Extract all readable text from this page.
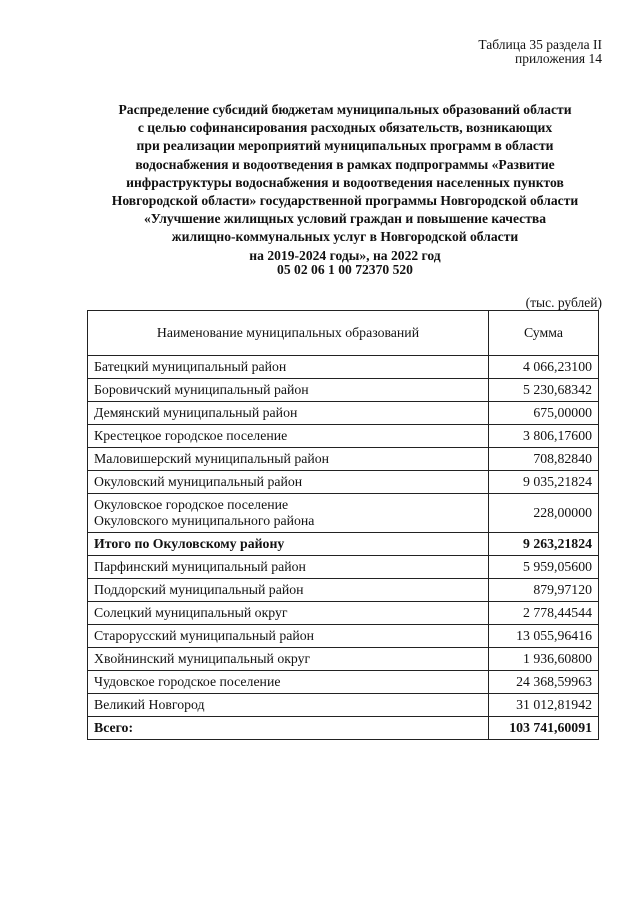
Таблица 35 раздела II
приложения 14
Распределение субсидий бюджетам муниципальных образований области
с целью софинансирования расходных обязательств, возникающих
при реализации мероприятий муниципальных программ в области
водоснабжения и водоотведения в рамках подпрограммы «Развитие
инфраструктуры водоснабжения и водоотведения населенных пунктов
Новгородской области» государственной программы Новгородской области
«Улучшение жилищных условий граждан и повышение качества
жилищно-коммунальных услуг в Новгородской области
на 2019-2024 годы», на 2022 год
05 02 06 1 00 72370 520
(тыс. рублей)
Наименование муниципальных образований	Сумма
Батецкий муниципальный район	4 066,23100
Боровичский муниципальный район	5 230,68342
Демянский муниципальный район	675,00000
Крестецкое городское поселение	3 806,17600
Маловишерский муниципальный район	708,82840
Окуловский муниципальный район	9 035,21824

Окуловское городское поселение
Окуловского муниципального района	228,00000
Итого по Окуловскому району	9 263,21824
Парфинский муниципальный район	5 959,05600
Поддорский муниципальный район	879,97120
Солецкий муниципальный округ	2 778,44544
Старорусский муниципальный район	13 055,96416
Хвойнинский муниципальный округ	1 936,60800
Чудовское городское поселение	24 368,59963
Великий Новгород	31 012,81942
Всего:	103 741,60091
